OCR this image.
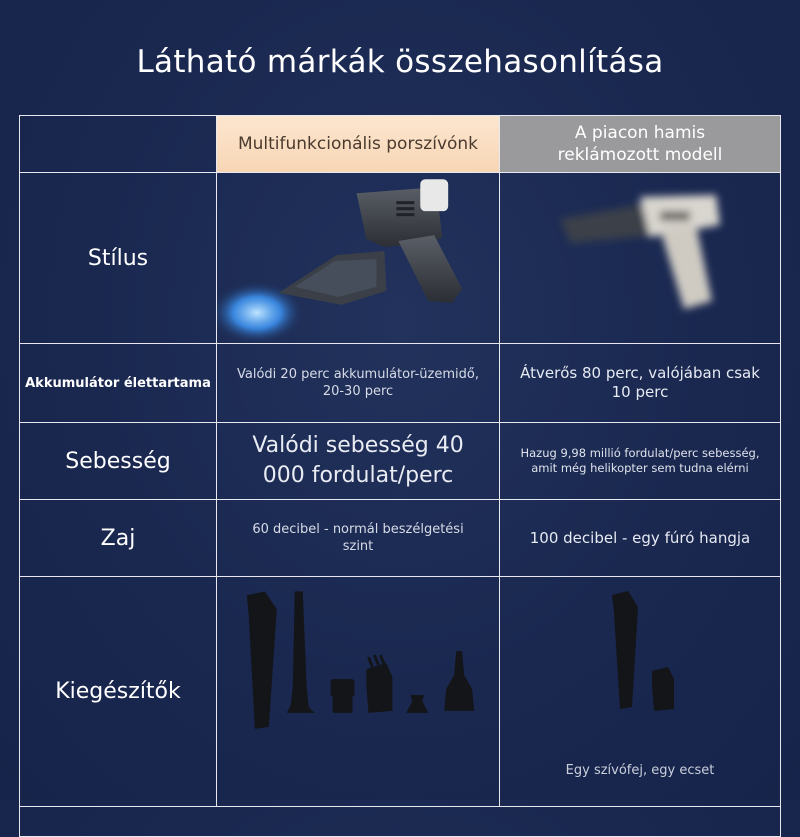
Látható márkák összehasonlítása
Multifunkcionális porszívónk
A piacon hamis reklámozott modell
Stílus
Akkumulátor élettartama
Valódi 20 perc akkumulátor-üzemidő, 20-30 perc
Átverős 80 perc, valójában csak 10 perc
Sebesség
Valódi sebesség 40 000 fordulat/perc
Hazug 9,98 millió fordulat/perc sebesség, amit még helikopter sem tudna elérni
Zaj	60 decibel - normál beszélgetési szint	100 decibel - egy fúró hangja
Kiegészítők
Egy szívófej, egy ecset
